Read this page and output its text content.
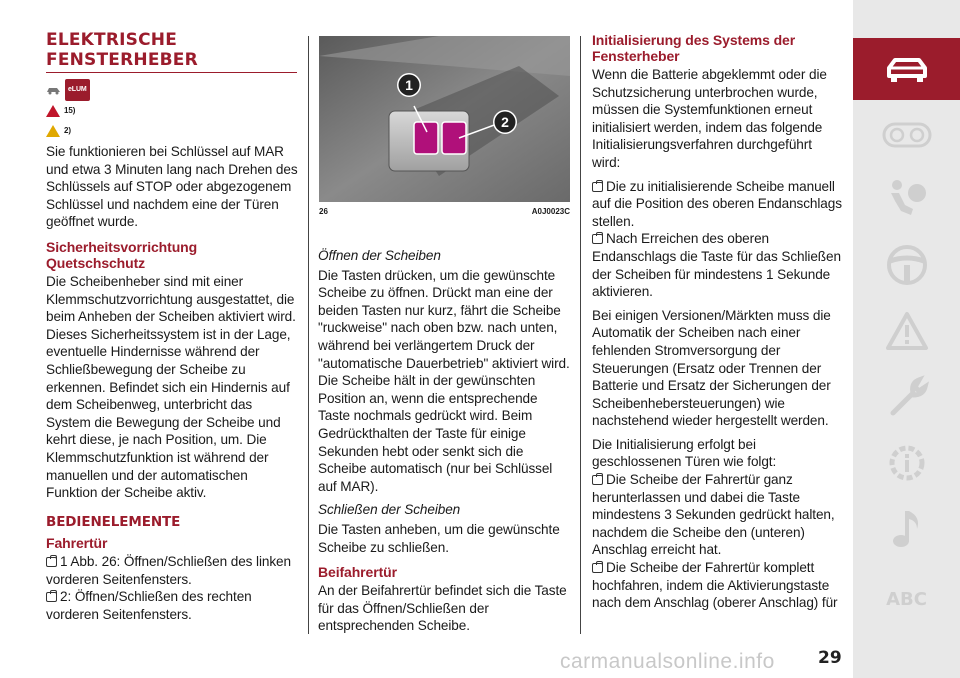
ELEKTRISCHE FENSTERHEBER
eLUM
15)
2)

Sie funktionieren bei Schlüssel auf MAR und etwa 3 Minuten lang nach Drehen des Schlüssels auf STOP oder abgezogenem Schlüssel und nachdem eine der Türen geöffnet wurde.

Sicherheitsvorrichtung Quetschschutz

Die Scheibenheber sind mit einer Klemmschutzvorrichtung ausgestattet, die beim Anheben der Scheiben aktiviert wird. Dieses Sicherheitssystem ist in der Lage, eventuelle Hindernisse während der Schließbewegung der Scheibe zu erkennen. Befindet sich ein Hindernis auf dem Scheibenweg, unterbricht das System die Bewegung der Scheibe und kehrt diese, je nach Position, um. Die Klemmschutzfunktion ist während der manuellen und der automatischen Funktion der Scheibe aktiv.

BEDIENELEMENTE
Fahrertür
1 Abb. 26: Öffnen/Schließen des linken vorderen Seitenfensters.
2: Öffnen/Schließen des rechten vorderen Seitenfensters.
1
2
26	A0J0023C

Öffnen der Scheiben

Die Tasten drücken, um die gewünschte Scheibe zu öffnen. Drückt man eine der beiden Tasten nur kurz, fährt die Scheibe "ruckweise" nach oben bzw. nach unten, während bei verlängertem Druck der "automatische Dauerbetrieb" aktiviert wird. Die Scheibe hält in der gewünschten Position an, wenn die entsprechende Taste nochmals gedrückt wird. Beim Gedrückthalten der Taste für einige Sekunden hebt oder senkt sich die Scheibe automatisch (nur bei Schlüssel auf MAR).

Schließen der Scheiben

Die Tasten anheben, um die gewünschte Scheibe zu schließen.

Beifahrertür

An der Beifahrertür befindet sich die Taste für das Öffnen/Schließen der entsprechenden Scheibe.

Initialisierung des Systems der Fensterheber

Wenn die Batterie abgeklemmt oder die Schutzsicherung unterbrochen wurde, müssen die Systemfunktionen erneut initialisiert werden, indem das folgende Initialisierungsverfahren durchgeführt wird:

Die zu initialisierende Scheibe manuell auf die Position des oberen Endanschlags stellen.
Nach Erreichen des oberen Endanschlags die Taste für das Schließen der Scheiben für mindestens 1 Sekunde aktivieren.

Bei einigen Versionen/Märkten muss die Automatik der Scheiben nach einer fehlenden Stromversorgung der Steuerungen (Ersatz oder Trennen der Batterie und Ersatz der Sicherungen der Scheibenhebersteuerungen) wie nachstehend wieder hergestellt werden.

Die Initialisierung erfolgt bei geschlossenen Türen wie folgt:

Die Scheibe der Fahrertür ganz herunterlassen und dabei die Taste mindestens 3 Sekunden gedrückt halten, nachdem die Scheibe den (unteren) Anschlag erreicht hat.
Die Scheibe der Fahrertür komplett hochfahren, indem die Aktivierungstaste nach dem Anschlag (oberer Anschlag) für	ABC
carmanualsonline.info	29
